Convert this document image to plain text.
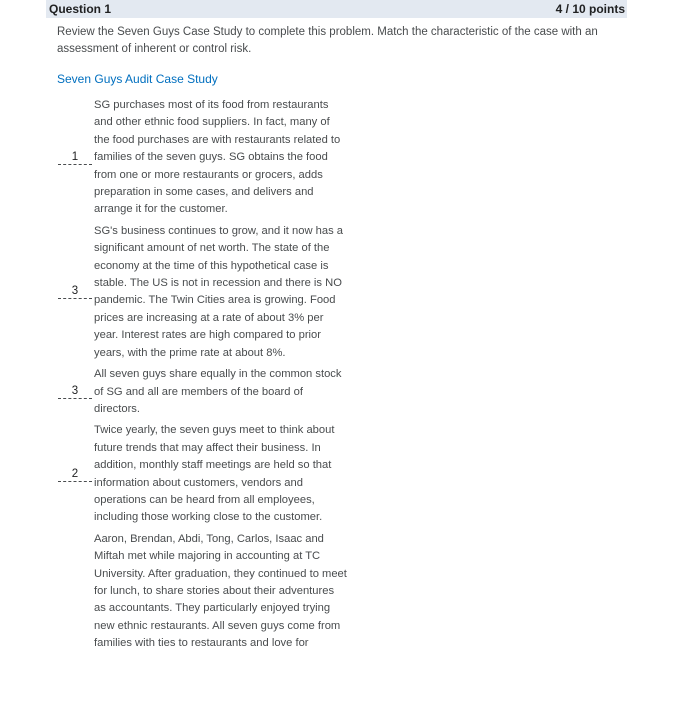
Question 1	4 / 10 points
Review the Seven Guys Case Study to complete this problem. Match the characteristic of the case with an assessment of inherent or control risk.
Seven Guys Audit Case Study
1
SG purchases most of its food from restaurants and other ethnic food suppliers. In fact, many of the food purchases are with restaurants related to families of the seven guys. SG obtains the food from one or more restaurants or grocers, adds preparation in some cases, and delivers and arrange it for the customer.
3
SG's business continues to grow, and it now has a significant amount of net worth. The state of the economy at the time of this hypothetical case is stable. The US is not in recession and there is NO pandemic. The Twin Cities area is growing. Food prices are increasing at a rate of about 3% per year. Interest rates are high compared to prior years, with the prime rate at about 8%.
3
All seven guys share equally in the common stock of SG and all are members of the board of directors.
2
Twice yearly, the seven guys meet to think about future trends that may affect their business. In addition, monthly staff meetings are held so that information about customers, vendors and operations can be heard from all employees, including those working close to the customer.
Aaron, Brendan, Abdi, Tong, Carlos, Isaac and Miftah met while majoring in accounting at TC University. After graduation, they continued to meet for lunch, to share stories about their adventures as accountants. They particularly enjoyed trying new ethnic restaurants. All seven guys come from families with ties to restaurants and love for
